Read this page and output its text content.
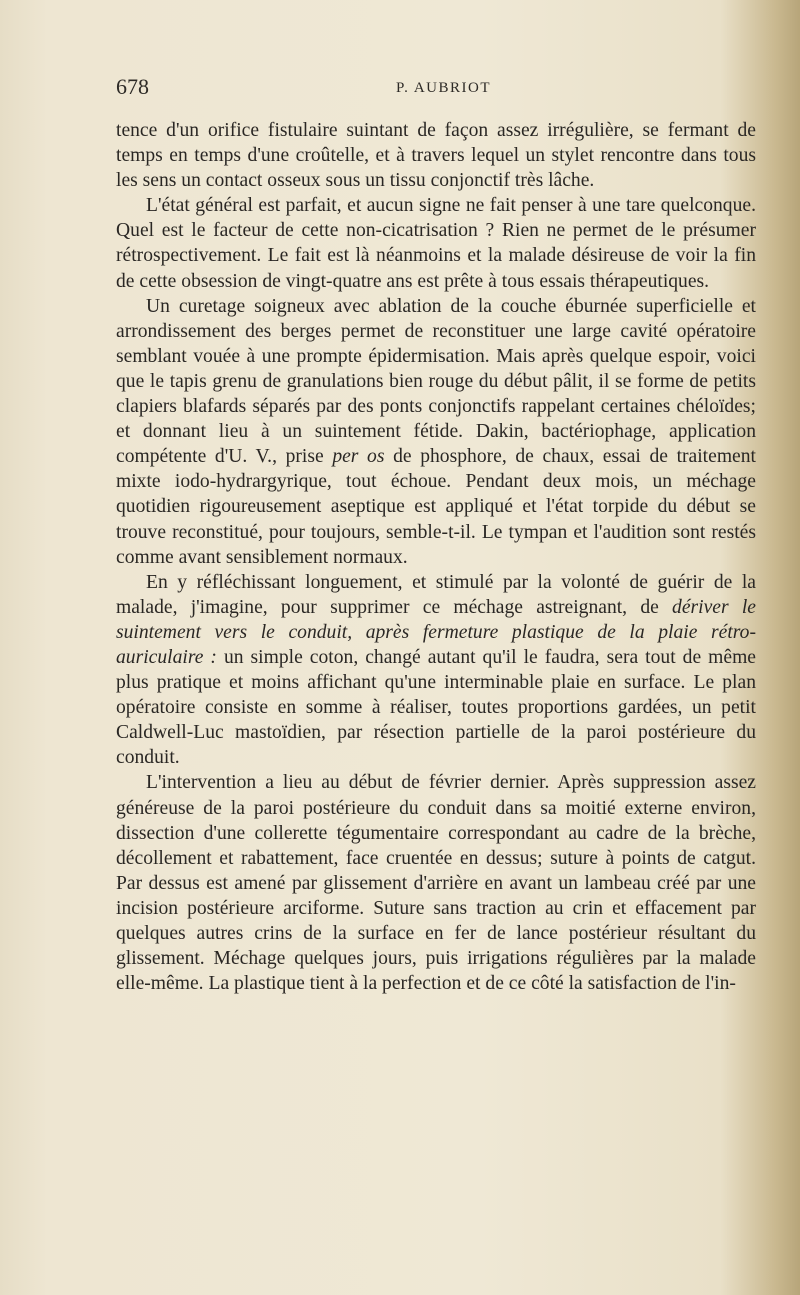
678	P. AUBRIOT

tence d'un orifice fistulaire suintant de façon assez irrégulière, se fermant de temps en temps d'une croûtelle, et à travers lequel un stylet rencontre dans tous les sens un contact osseux sous un tissu conjonctif très lâche.

L'état général est parfait, et aucun signe ne fait penser à une tare quelconque. Quel est le facteur de cette non-cicatrisation ? Rien ne permet de le présumer rétrospectivement. Le fait est là néanmoins et la malade désireuse de voir la fin de cette obsession de vingt-quatre ans est prête à tous essais thérapeutiques.

Un curetage soigneux avec ablation de la couche éburnée superficielle et arrondissement des berges permet de reconstituer une large cavité opératoire semblant vouée à une prompte épidermisation. Mais après quelque espoir, voici que le tapis grenu de granulations bien rouge du début pâlit, il se forme de petits clapiers blafards séparés par des ponts conjonctifs rappelant certaines chéloïdes; et donnant lieu à un suintement fétide. Dakin, bactériophage, application compétente d'U. V., prise per os de phosphore, de chaux, essai de traitement mixte iodo-hydrargyrique, tout échoue. Pendant deux mois, un méchage quotidien rigoureusement aseptique est appliqué et l'état torpide du début se trouve reconstitué, pour toujours, semble-t-il. Le tympan et l'audition sont restés comme avant sensiblement normaux.

En y réfléchissant longuement, et stimulé par la volonté de guérir de la malade, j'imagine, pour supprimer ce méchage astreignant, de dériver le suintement vers le conduit, après fermeture plastique de la plaie rétro-auriculaire : un simple coton, changé autant qu'il le faudra, sera tout de même plus pratique et moins affichant qu'une interminable plaie en surface. Le plan opératoire consiste en somme à réaliser, toutes proportions gardées, un petit Caldwell-Luc mastoïdien, par résection partielle de la paroi postérieure du conduit.

L'intervention a lieu au début de février dernier. Après suppression assez généreuse de la paroi postérieure du conduit dans sa moitié externe environ, dissection d'une collerette tégumentaire correspondant au cadre de la brèche, décollement et rabattement, face cruentée en dessus; suture à points de catgut. Par dessus est amené par glissement d'arrière en avant un lambeau créé par une incision postérieure arciforme. Suture sans traction au crin et effacement par quelques autres crins de la surface en fer de lance postérieur résultant du glissement. Méchage quelques jours, puis irrigations régulières par la malade elle-même. La plastique tient à la perfection et de ce côté la satisfaction de l'in-
